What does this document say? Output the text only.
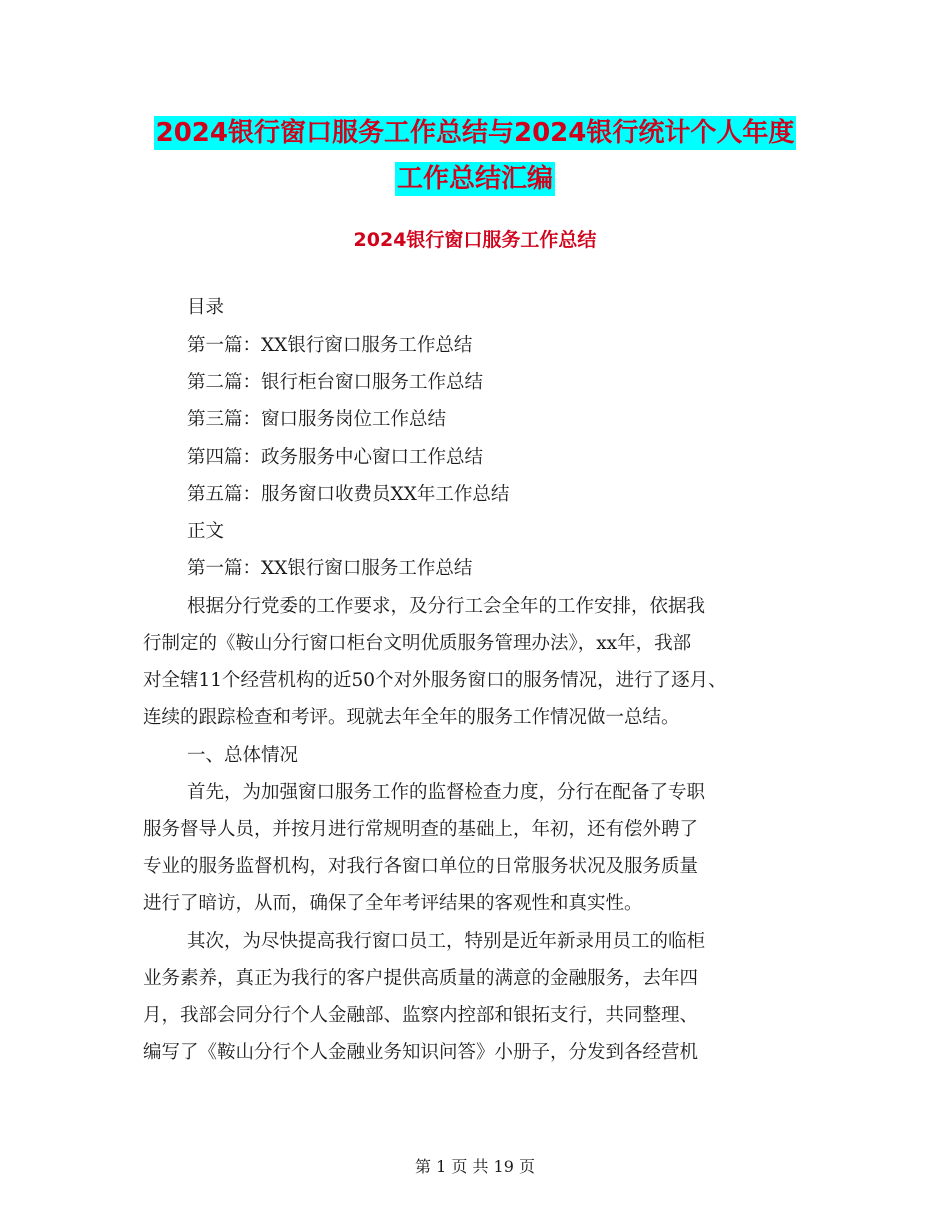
2024银行窗口服务工作总结与2024银行统计个人年度
工作总结汇编
2024银行窗口服务工作总结

目录

第一篇：XX银行窗口服务工作总结

第二篇：银行柜台窗口服务工作总结

第三篇：窗口服务岗位工作总结

第四篇：政务服务中心窗口工作总结

第五篇：服务窗口收费员XX年工作总结

正文

第一篇：XX银行窗口服务工作总结

根据分行党委的工作要求，及分行工会全年的工作安排，依据我

行制定的《鞍山分行窗口柜台文明优质服务管理办法》，xx年，我部

对全辖11个经营机构的近50个对外服务窗口的服务情况，进行了逐月、

连续的跟踪检查和考评。现就去年全年的服务工作情况做一总结。

一、总体情况

首先，为加强窗口服务工作的监督检查力度，分行在配备了专职

服务督导人员，并按月进行常规明查的基础上，年初，还有偿外聘了

专业的服务监督机构，对我行各窗口单位的日常服务状况及服务质量

进行了暗访，从而，确保了全年考评结果的客观性和真实性。

其次，为尽快提高我行窗口员工，特别是近年新录用员工的临柜

业务素养，真正为我行的客户提供高质量的满意的金融服务，去年四

月，我部会同分行个人金融部、监察内控部和银拓支行，共同整理、

编写了《鞍山分行个人金融业务知识问答》小册子，分发到各经营机

第 1 页 共 19 页
